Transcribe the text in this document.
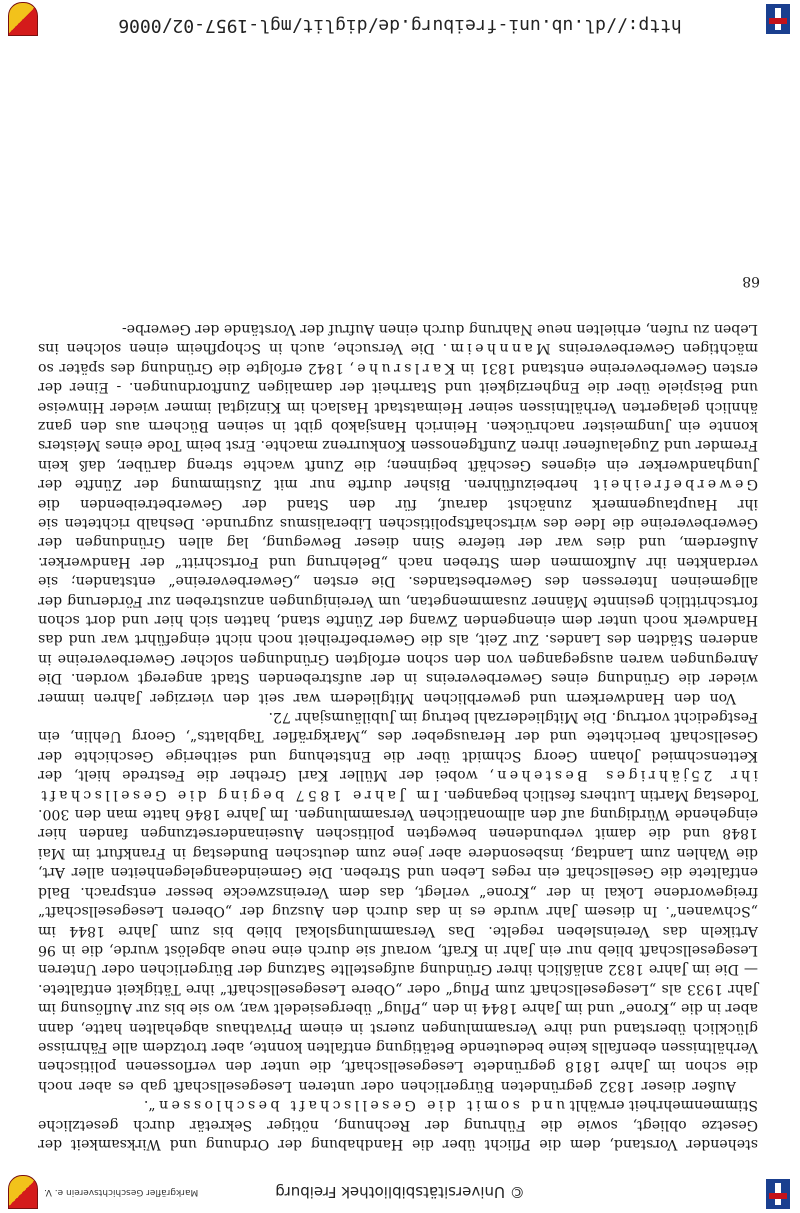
© Universitätsbibliothek Freiburg
Markgräfler Geschichtsverein e. V.

stehender Vorstand, dem die Pflicht über die Handhabung der Ordnung und Wirksamkeit der Gesetze obliegt, sowie die Führung der Rechnung, nötiger Sekretär durch gesetzliche Stimmenmehrheit erwählt und somit die Gesellschaft beschlossen“.

Außer dieser 1832 gegründeten Bürgerlichen oder unteren Lesegesellschaft gab es aber noch die schon im Jahre 1818 gegründete Lesegesellschaft, die unter den verflossenen politischen Verhältnissen ebenfalls keine bedeutende Betätigung entfalten konnte, aber trotzdem alle Fährnisse glücklich überstand und ihre Versammlungen zuerst in einem Privathaus abgehalten hatte, dann aber in die „Krone“ und im Jahre 1844 in den „Pflug“ übergesiedelt war, wo sie bis zur Auflösung im Jahr 1933 als „Lesegesellschaft zum Pflug“ oder „Obere Lesegesellschaft“ ihre Tätigkeit entfaltete. — Die im Jahre 1832 anläßlich ihrer Gründung aufgestellte Satzung der Bürgerlichen oder Unteren Lesegesellschaft blieb nur ein Jahr in Kraft, worauf sie durch eine neue abgelöst wurde, die in 96 Artikeln das Vereinsleben regelte. Das Versammlungslokal blieb bis zum Jahre 1844 im „Schwanen“. In diesem Jahr wurde es in das durch den Auszug der „Oberen Lesegesellschaft“ freigewordene Lokal in der „Krone“ verlegt, das dem Vereinszwecke besser entsprach. Bald entfaltete die Gesellschaft ein reges Leben und Streben. Die Gemeindeangelegenheiten aller Art, die Wahlen zum Landtag, insbesondere aber jene zum deutschen Bundestag in Frankfurt im Mai 1848 und die damit verbundenen bewegten politischen Auseinandersetzungen fanden hier eingehende Würdigung auf den allmonatlichen Versammlungen. Im Jahre 1846 hatte man den 300. Todestag Martin Luthers festlich begangen. Im Jahre 1857 beging die Gesellschaft ihr 25jähriges Bestehen, wobei der Müller Karl Grether die Festrede hielt, der Kettenschmied Johann Georg Schmidt über die Entstehung und seitherige Geschichte der Gesellschaft berichtete und der Herausgeber des „Markgräfler Tagblatts“, Georg Uehlin, ein Festgedicht vortrug. Die Mitgliederzahl betrug im Jubiläumsjahr 72.

Von den Handwerkern und gewerblichen Mitgliedern war seit den vierziger Jahren immer wieder die Gründung eines Gewerbevereins in der aufstrebenden Stadt angeregt worden. Die Anregungen waren ausgegangen von den schon erfolgten Gründungen solcher Gewerbevereine in anderen Städten des Landes. Zur Zeit, als die Gewerbefreiheit noch nicht eingeführt war und das Handwerk noch unter dem einengenden Zwang der Zünfte stand, hatten sich hier und dort schon fortschrittlich gesinnte Männer zusammengetan, um Vereinigungen anzustreben zur Förderung der allgemeinen Interessen des Gewerbestandes. Die ersten „Gewerbevereine“ entstanden; sie verdankten ihr Aufkommen dem Streben nach „Belehrung und Fortschritt“ der Handwerker. Außerdem, und dies war der tiefere Sinn dieser Bewegung, lag allen Gründungen der Gewerbevereine die Idee des wirtschaftspolitischen Liberalismus zugrunde. Deshalb richteten sie ihr Hauptaugenmerk zunächst darauf, für den Stand der Gewerbetreibenden die Gewerbefreiheit herbeizuführen. Bisher durfte nur mit Zustimmung der Zünfte der Junghandwerker ein eigenes Geschäft beginnen; die Zunft wachte streng darüber, daß kein Fremder und Zugelaufener ihren Zunftgenossen Konkurrenz machte. Erst beim Tode eines Meisters konnte ein Jungmeister nachrücken. Heinrich Hansjakob gibt in seinen Büchern aus den ganz ähnlich gelagerten Verhältnissen seiner Heimatstadt Haslach im Kinzigtal immer wieder Hinweise und Beispiele über die Engherzigkeit und Starrheit der damaligen Zunftordnungen. - Einer der ersten Gewerbevereine entstand 1831 in Karlsruhe, 1842 erfolgte die Gründung des später so mächtigen Gewerbevereins Mannheim. Die Versuche, auch in Schopfheim einen solchen ins Leben zu rufen, erhielten neue Nahrung durch einen Aufruf der Vorstände der Gewerbe-

68
http://dl.ub.uni-freiburg.de/diglit/mgl-1957-02/0006
